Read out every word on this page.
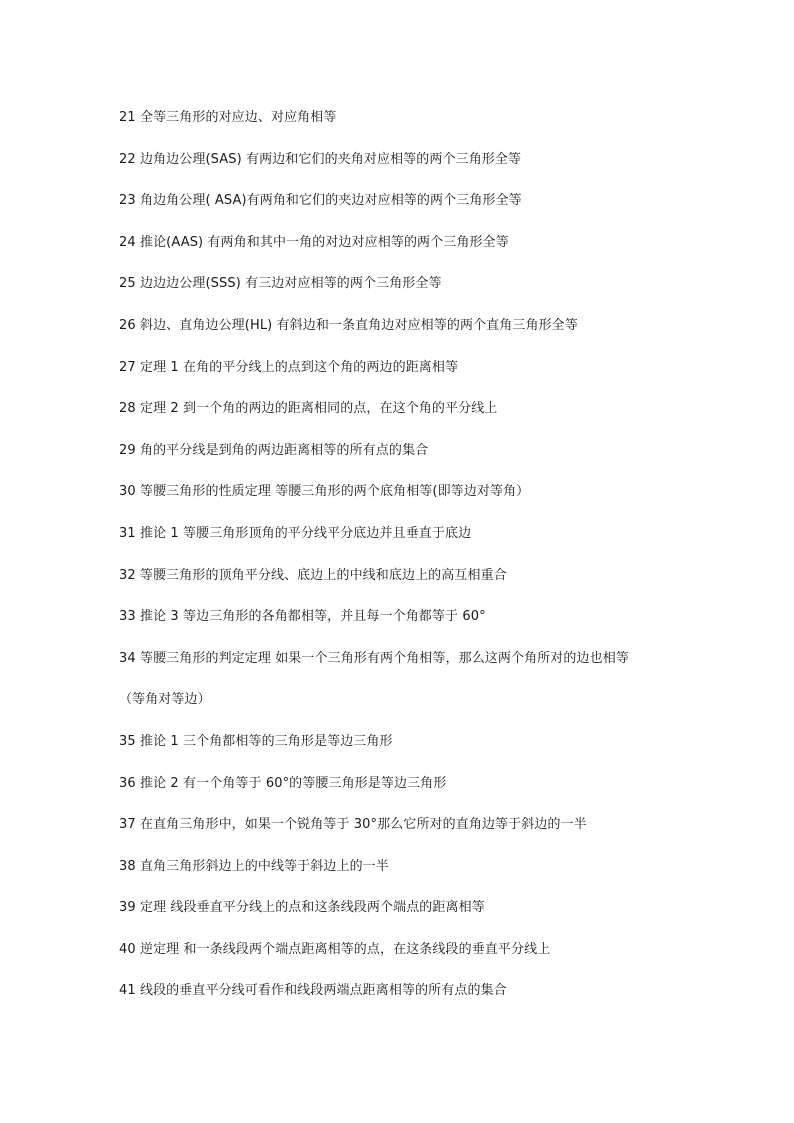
21 全等三角形的对应边、对应角相等
22 边角边公理(SAS) 有两边和它们的夹角对应相等的两个三角形全等
23 角边角公理( ASA)有两角和它们的夹边对应相等的两个三角形全等
24 推论(AAS) 有两角和其中一角的对边对应相等的两个三角形全等
25 边边边公理(SSS) 有三边对应相等的两个三角形全等
26 斜边、直角边公理(HL) 有斜边和一条直角边对应相等的两个直角三角形全等
27 定理 1 在角的平分线上的点到这个角的两边的距离相等
28 定理 2 到一个角的两边的距离相同的点，在这个角的平分线上
29 角的平分线是到角的两边距离相等的所有点的集合
30 等腰三角形的性质定理 等腰三角形的两个底角相等(即等边对等角）
31 推论 1 等腰三角形顶角的平分线平分底边并且垂直于底边
32 等腰三角形的顶角平分线、底边上的中线和底边上的高互相重合
33 推论 3 等边三角形的各角都相等，并且每一个角都等于 60°
34 等腰三角形的判定定理 如果一个三角形有两个角相等，那么这两个角所对的边也相等
（等角对等边）
35 推论 1 三个角都相等的三角形是等边三角形
36 推论 2 有一个角等于 60°的等腰三角形是等边三角形
37 在直角三角形中，如果一个锐角等于 30°那么它所对的直角边等于斜边的一半
38 直角三角形斜边上的中线等于斜边上的一半
39 定理 线段垂直平分线上的点和这条线段两个端点的距离相等
40 逆定理 和一条线段两个端点距离相等的点，在这条线段的垂直平分线上
41 线段的垂直平分线可看作和线段两端点距离相等的所有点的集合
